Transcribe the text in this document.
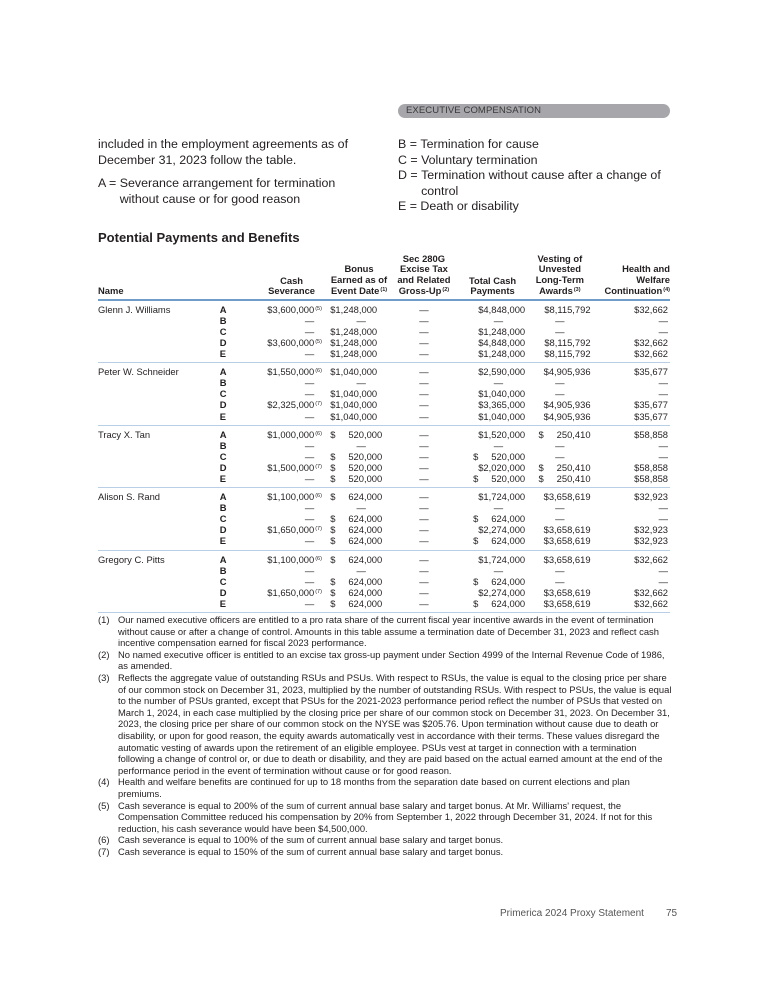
EXECUTIVE COMPENSATION

included in the employment agreements as of December 31, 2023 follow the table.

A = Severance arrangement for termination without cause or for good reason
B = Termination for cause
C = Voluntary termination
D = Termination without cause after a change of control
E = Death or disability
Potential Payments and Benefits
Name		Cash Severance	Bonus Earned as of Event Date$^{(1)}$	Sec 280G Excise Tax and Related Gross-Up$^{(2)}$	Total Cash Payments	Vesting of Unvested Long-Term Awards$^{(3)}$	Health and Welfare Continuation$^{(4)}$
Glenn J. Williams	A	$3,600,000$^{(5)}$	$1,248,000	—	$4,848,000	$8,115,792	$32,662
	B	—	—	—	—	—	—
	C	—	$1,248,000	—	$1,248,000	—	—
	D	$3,600,000$^{(5)}$	$1,248,000	—	$4,848,000	$8,115,792	$32,662
	E	—	$1,248,000	—	$1,248,000	$8,115,792	$32,662
Peter W. Schneider	A	$1,550,000$^{(6)}$	$1,040,000	—	$2,590,000	$4,905,936	$35,677
	B	—	—	—	—	—	—
	C	—	$1,040,000	—	$1,040,000	—	—
	D	$2,325,000$^{(7)}$	$1,040,000	—	$3,365,000	$4,905,936	$35,677
	E	—	$1,040,000	—	$1,040,000	$4,905,936	$35,677
Tracy X. Tan	A	$1,000,000$^{(6)}$	$ 520,000	—	$1,520,000	$ 250,410	$58,858
	B	—	—	—	—	—	—
	C	—	$ 520,000	—	$ 520,000	—	—
	D	$1,500,000$^{(7)}$	$ 520,000	—	$2,020,000	$ 250,410	$58,858
	E	—	$ 520,000	—	$ 520,000	$ 250,410	$58,858
Alison S. Rand	A	$1,100,000$^{(6)}$	$ 624,000	—	$1,724,000	$3,658,619	$32,923
	B	—	—	—	—	—	—
	C	—	$ 624,000	—	$ 624,000	—	—
	D	$1,650,000$^{(7)}$	$ 624,000	—	$2,274,000	$3,658,619	$32,923
	E	—	$ 624,000	—	$ 624,000	$3,658,619	$32,923
Gregory C. Pitts	A	$1,100,000$^{(6)}$	$ 624,000	—	$1,724,000	$3,658,619	$32,662
	B	—	—	—	—	—	—
	C	—	$ 624,000	—	$ 624,000	—	—
	D	$1,650,000$^{(7)}$	$ 624,000	—	$2,274,000	$3,658,619	$32,662
	E	—	$ 624,000	—	$ 624,000	$3,658,619	$32,662
(1) Our named executive officers are entitled to a pro rata share of the current fiscal year incentive awards in the event of termination without cause or after a change of control. Amounts in this table assume a termination date of December 31, 2023 and reflect cash incentive compensation earned for fiscal 2023 performance.
(2) No named executive officer is entitled to an excise tax gross-up payment under Section 4999 of the Internal Revenue Code of 1986, as amended.
(3) Reflects the aggregate value of outstanding RSUs and PSUs. With respect to RSUs, the value is equal to the closing price per share of our common stock on December 31, 2023, multiplied by the number of outstanding RSUs. With respect to PSUs, the value is equal to the number of PSUs granted, except that PSUs for the 2021-2023 performance period reflect the number of PSUs that vested on March 1, 2024, in each case multiplied by the closing price per share of our common stock on December 31, 2023. On December 31, 2023, the closing price per share of our common stock on the NYSE was $205.76. Upon termination without cause due to death or disability, or upon for good reason, the equity awards automatically vest in accordance with their terms. These values disregard the automatic vesting of awards upon the retirement of an eligible employee. PSUs vest at target in connection with a termination following a change of control or, or due to death or disability, and they are paid based on the actual earned amount at the end of the performance period in the event of termination without cause or for good reason.
(4) Health and welfare benefits are continued for up to 18 months from the separation date based on current elections and plan premiums.
(5) Cash severance is equal to 200% of the sum of current annual base salary and target bonus. At Mr. Williams' request, the Compensation Committee reduced his compensation by 20% from September 1, 2022 through December 31, 2024. If not for this reduction, his cash severance would have been $4,500,000.
(6) Cash severance is equal to 100% of the sum of current annual base salary and target bonus.
(7) Cash severance is equal to 150% of the sum of current annual base salary and target bonus.
Primerica 2024 Proxy Statement 75
